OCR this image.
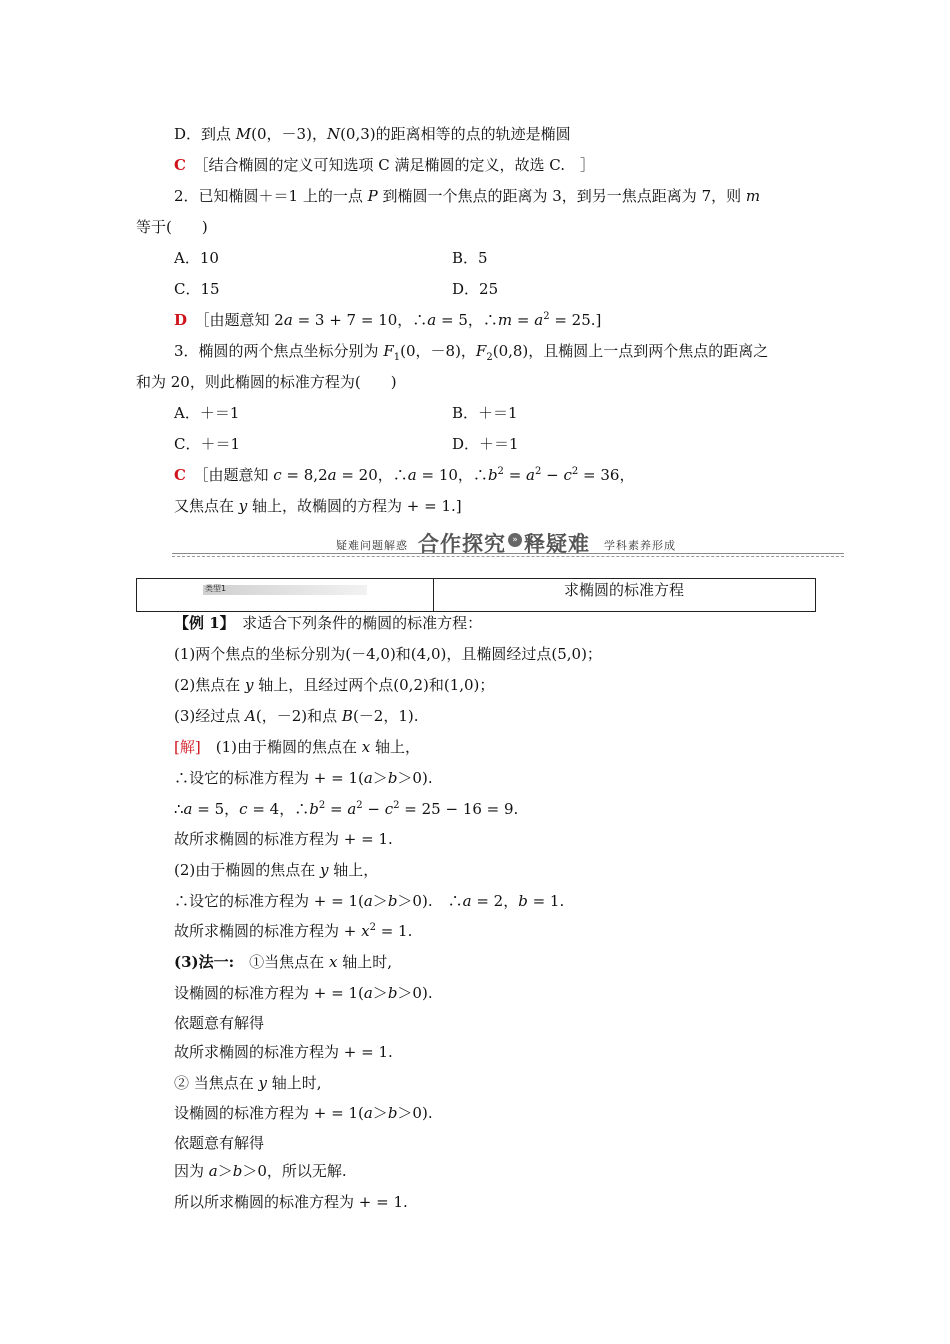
D．到点 M(0，－3)，N(0,3)的距离相等的点的轨迹是椭圆
C　 ［结合椭圆的定义可知选项 C 满足椭圆的定义，故选 C.　］
2．已知椭圆＋＝1 上的一点 P 到椭圆一个焦点的距离为 3，到另一焦点距离为 7，则 m
等于(　　)
A．10	B．5
C．15	D．25
D　 ［由题意知 2a = 3 + 7 = 10，∴a = 5，∴m = $a^2 = 25$.]
3．椭圆的两个焦点坐标分别为 $F_1(0$，－8)，$F_2(0,8)$，且椭圆上一点到两个焦点的距离之
和为 20，则此椭圆的标准方程为(　　)
A．＋＝1	B．＋＝1
C．＋＝1	D．＋＝1
C　 ［由题意知 c = 8,2a = 20，∴a = 10，$\therefore b^2 = a^2 - c^2 = 36$，
又焦点在 y 轴上，故椭圆的方程为 + = 1.]
疑难问题解惑 合作探究 » 释疑难 学科素养形成
类型1	求椭圆的标准方程
【例 1】　求适合下列条件的椭圆的标准方程：
(1)两个焦点的坐标分别为(－4,0)和(4,0)，且椭圆经过点(5,0)；
(2)焦点在 y 轴上，且经过两个点(0,2)和(1,0)；
(3)经过点 A(，－2)和点 B(－2，1).
[解]　(1)由于椭圆的焦点在 x 轴上，
∴设它的标准方程为 + = 1(a＞b＞0).
∴a = 5，c = 4，$\therefore b^2 = a^2 - c^2 = 25 - 16 = 9$.
故所求椭圆的标准方程为 + = 1.
(2)由于椭圆的焦点在 y 轴上，
∴设它的标准方程为 + = 1(a＞b＞0).　∴a = 2，b = 1.
故所求椭圆的标准方程为 + $x^2 = 1$.
(3)法一:　①当焦点在 x 轴上时,
设椭圆的标准方程为 + = 1(a＞b＞0).
依题意有解得
故所求椭圆的标准方程为 + = 1.
② 当焦点在 y 轴上时,
设椭圆的标准方程为 + = 1(a＞b＞0).
依题意有解得
因为 a＞b＞0，所以无解.
所以所求椭圆的标准方程为 + = 1.
